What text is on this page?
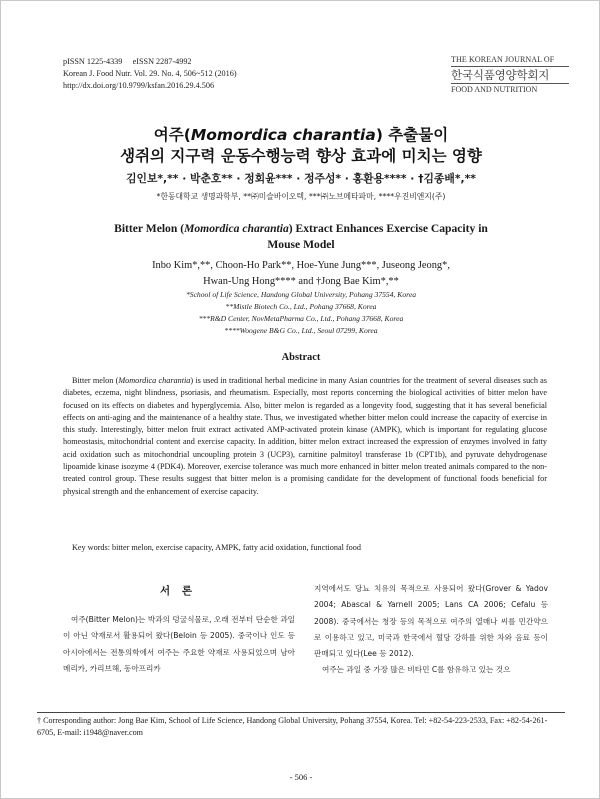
pISSN 1225-4339     eISSN 2287-4992
Korean J. Food Nutr. Vol. 29. No. 4, 506~512 (2016)
http://dx.doi.org/10.9799/ksfan.2016.29.4.506
THE KOREAN JOURNAL OF
한국식품영양학회지
FOOD AND NUTRITION
여주(Momordica charantia) 추출물이
생쥐의 지구력 운동수행능력 향상 효과에 미치는 영향
김인보*,** · 박춘호** · 정회윤*** · 정주성* · 홍환용**** · †김종배*,**
*한동대학교 생명과학부, **㈜미슬바이오텍, ***㈜노브메타파마, ****우진비앤지(주)
Bitter Melon (Momordica charantia) Extract Enhances Exercise Capacity in
Mouse Model
Inbo Kim*,**, Choon-Ho Park**, Hoe-Yune Jung***, Juseong Jeong*,
Hwan-Ung Hong**** and †Jong Bae Kim*,**
*School of Life Science, Handong Global University, Pohang 37554, Korea
**Mistle Biotech Co., Ltd., Pohang 37668, Korea
***R&D Center, NovMetaPharma Co., Ltd., Pohang 37668, Korea
****Woogene B&G Co., Ltd., Seoul 07299, Korea
Abstract
Bitter melon (Momordica charantia) is used in traditional herbal medicine in many Asian countries for the treatment of several diseases such as diabetes, eczema, night blindness, psoriasis, and rheumatism. Especially, most reports concerning the biological activities of bitter melon have focused on its effects on diabetes and hyperglycemia. Also, bitter melon is regarded as a longevity food, suggesting that it has several beneficial effects on anti-aging and the maintenance of a healthy state. Thus, we investigated whether bitter melon could increase the capacity of exercise in this study. Interestingly, bitter melon fruit extract activated AMP-activated protein kinase (AMPK), which is important for regulating glucose homeostasis, mitochondrial content and exercise capacity. In addition, bitter melon extract increased the expression of enzymes involved in fatty acid oxidation such as mitochondrial uncoupling protein 3 (UCP3), carnitine palmitoyl transferase 1b (CPT1b), and pyruvate dehydrogenase lipoamide kinase isozyme 4 (PDK4). Moreover, exercise tolerance was much more enhanced in bitter melon treated animals compared to the non-treated control group. These results suggest that bitter melon is a promising candidate for the development of functional foods beneficial for physical strength and the enhancement of exercise capacity.
Key words: bitter melon, exercise capacity, AMPK, fatty acid oxidation, functional food
서 론
여주(Bitter Melon)는 박과의 덩굴식물로, 오래 전부터 단순한 과일이 아닌 약재로서 활용되어 왔다(Beloin 등 2005). 중국이나 인도 등 아시아에서는 전통의학에서 여주는 주요한 약재로 사용되었으며 남아메리카, 카리브해, 동아프리카

지역에서도 당뇨 치유의 목적으로 사용되어 왔다(Grover & Yadov 2004; Abascal & Yarnell 2005; Lans CA 2006; Cefalu 등 2008). 중국에서는 청장 등의 목적으로 여주의 열매나 씨를 민간약으로 이용하고 있고, 미국과 한국에서 혈당 강하를 위한 차와 음료 등이 판매되고 있다(Lee 등 2012).

여주는 과일 중 가장 많은 비타민 C를 함유하고 있는 것으

† Corresponding author: Jong Bae Kim, School of Life Science, Handong Global University, Pohang 37554, Korea. Tel: +82-54-223-2533, Fax: +82-54-261-6705, E-mail: i1948@naver.com
- 506 -
